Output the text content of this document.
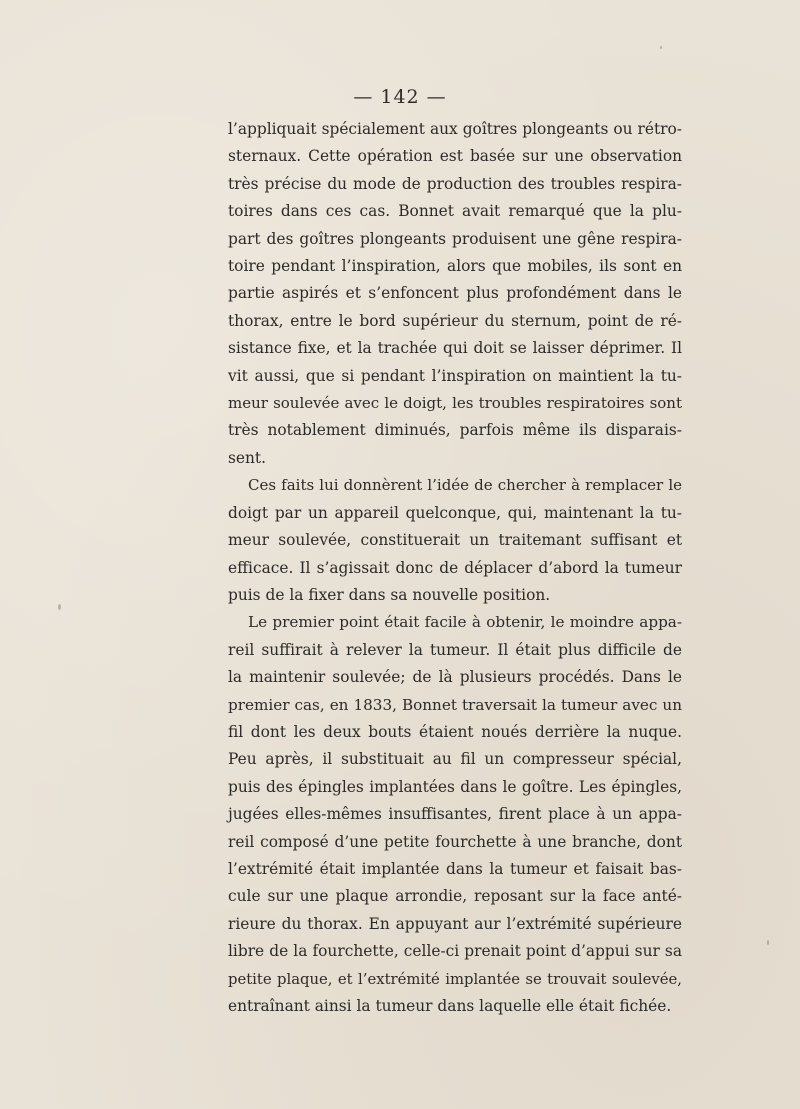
— 142 —

l’appliquait spécialement aux goîtres plongeants ou rétro-
sternaux. Cette opération est basée sur une observation
très précise du mode de production des troubles respira-
toires dans ces cas. Bonnet avait remarqué que la plu-
part des goîtres plongeants produisent une gêne respira-
toire pendant l’inspiration, alors que mobiles, ils sont en
partie aspirés et s’enfoncent plus profondément dans le
thorax, entre le bord supérieur du sternum, point de ré-
sistance fixe, et la trachée qui doit se laisser déprimer. Il
vit aussi, que si pendant l’inspiration on maintient la tu-
meur soulevée avec le doigt, les troubles respiratoires sont
très notablement diminués, parfois même ils disparais-
sent.

Ces faits lui donnèrent l’idée de chercher à remplacer le
doigt par un appareil quelconque, qui, maintenant la tu-
meur soulevée, constituerait un traitemant suffisant et
efficace. Il s’agissait donc de déplacer d’abord la tumeur
puis de la fixer dans sa nouvelle position.

Le premier point était facile à obtenir, le moindre appa-
reil suffirait à relever la tumeur. Il était plus difficile de
la maintenir soulevée; de là plusieurs procédés. Dans le
premier cas, en 1833, Bonnet traversait la tumeur avec un
fil dont les deux bouts étaient noués derrière la nuque.
Peu après, il substituait au fil un compresseur spécial,
puis des épingles implantées dans le goître. Les épingles,
jugées elles-mêmes insuffisantes, firent place à un appa-
reil composé d’une petite fourchette à une branche, dont
l’extrémité était implantée dans la tumeur et faisait bas-
cule sur une plaque arrondie, reposant sur la face anté-
rieure du thorax. En appuyant aur l’extrémité supérieure
libre de la fourchette, celle-ci prenait point d’appui sur sa
petite plaque, et l’extrémité implantée se trouvait soulevée,
entraînant ainsi la tumeur dans laquelle elle était fichée.
